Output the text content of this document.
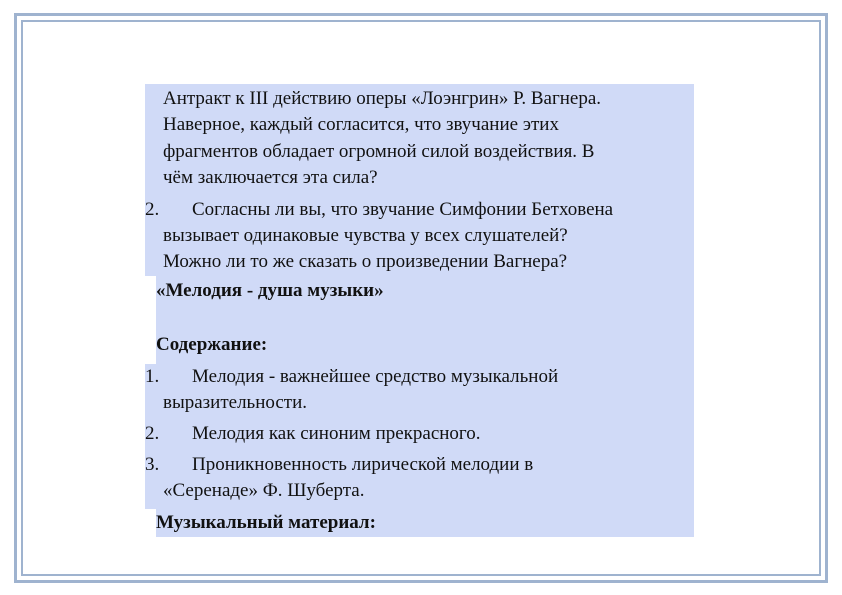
Антракт к III действию оперы «Лоэнгрин» Р. Вагнера.
Наверное, каждый согласится, что звучание этих
фрагментов обладает огромной силой воздействия. В
чём заключается эта сила?
2. Согласны ли вы, что звучание Симфонии Бетховена
вызывает одинаковые чувства у всех слушателей?
Можно ли то же сказать о произведении Вагнера?
«Мелодия - душа музыки»
Содержание:
1. Мелодия - важнейшее средство музыкальной
выразительности.
2. Мелодия как синоним прекрасного.
3. Проникновенность лирической мелодии в
«Серенаде» Ф. Шуберта.
Музыкальный материал:
